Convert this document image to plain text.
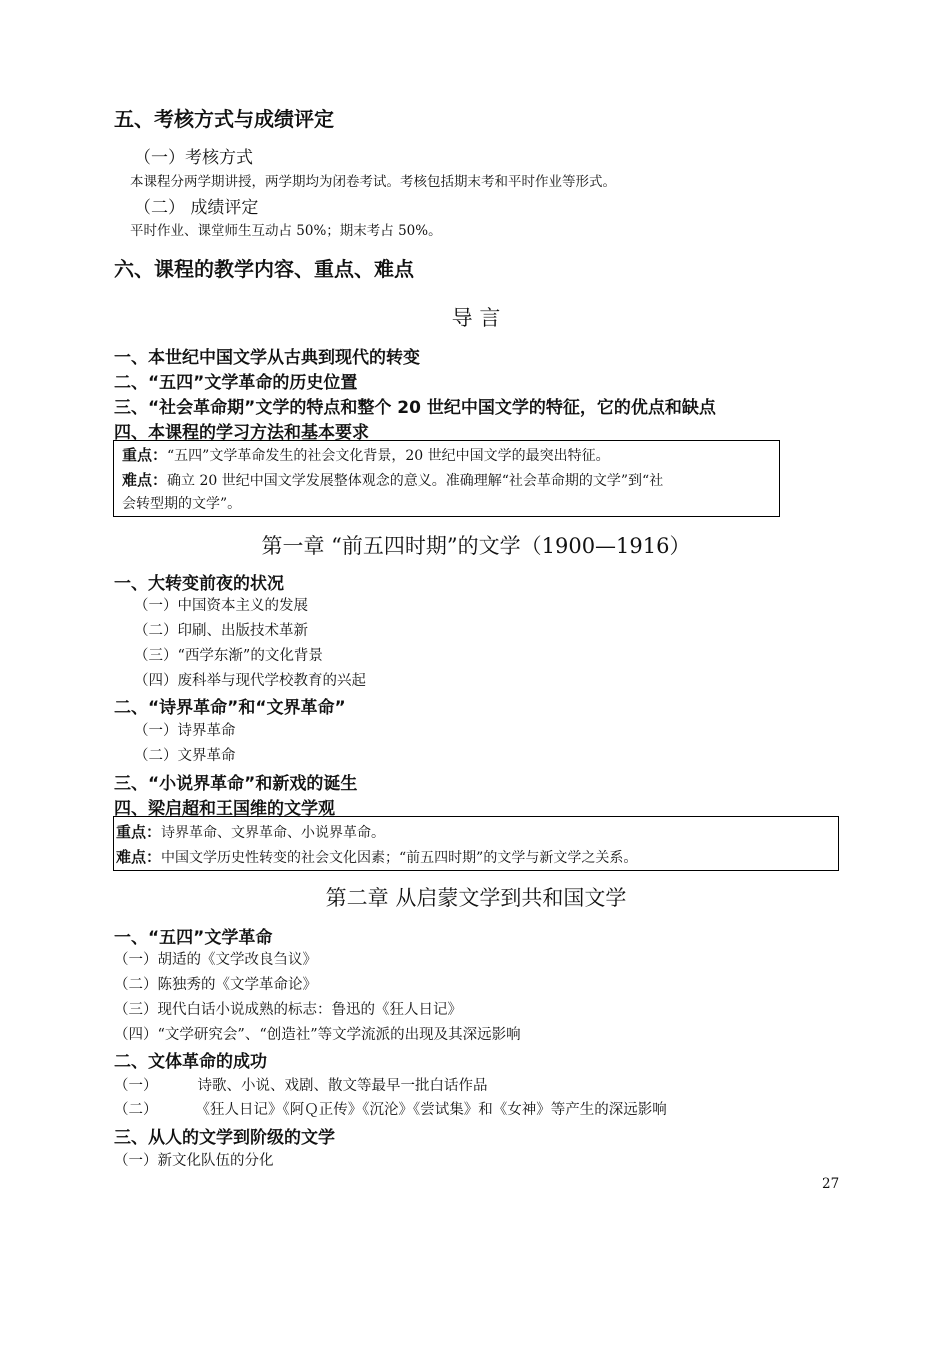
五、考核方式与成绩评定
（一）考核方式
本课程分两学期讲授，两学期均为闭卷考试。考核包括期末考和平时作业等形式。
（二） 成绩评定
平时作业、课堂师生互动占 50%；期末考占 50%。
六、课程的教学内容、重点、难点
导 言
一、本世纪中国文学从古典到现代的转变
二、“五四”文学革命的历史位置
三、“社会革命期”文学的特点和整个 20 世纪中国文学的特征，它的优点和缺点
四、本课程的学习方法和基本要求
重点：“五四”文学革命发生的社会文化背景，20 世纪中国文学的最突出特征。
难点：确立 20 世纪中国文学发展整体观念的意义。准确理解“社会革命期的文学”到“社
会转型期的文学”。
第一章 “前五四时期”的文学（1900—1916）
一、大转变前夜的状况
（一）中国资本主义的发展
（二）印刷、出版技术革新
（三）“西学东渐”的文化背景
（四）废科举与现代学校教育的兴起
二、“诗界革命”和“文界革命”
（一）诗界革命
（二）文界革命
三、“小说界革命”和新戏的诞生
四、梁启超和王国维的文学观
重点：诗界革命、文界革命、小说界革命。
难点：中国文学历史性转变的社会文化因素；“前五四时期”的文学与新文学之关系。
第二章 从启蒙文学到共和国文学
一、“五四”文学革命
（一）胡适的《文学改良刍议》
（二）陈独秀的《文学革命论》
（三）现代白话小说成熟的标志：鲁迅的《狂人日记》
（四）“文学研究会”、“创造社”等文学流派的出现及其深远影响
二、文体革命的成功
（一）	诗歌、小说、戏剧、散文等最早一批白话作品
（二）	《狂人日记》《阿Ｑ正传》《沉沦》《尝试集》和《女神》等产生的深远影响
三、从人的文学到阶级的文学
（一）新文化队伍的分化
27
